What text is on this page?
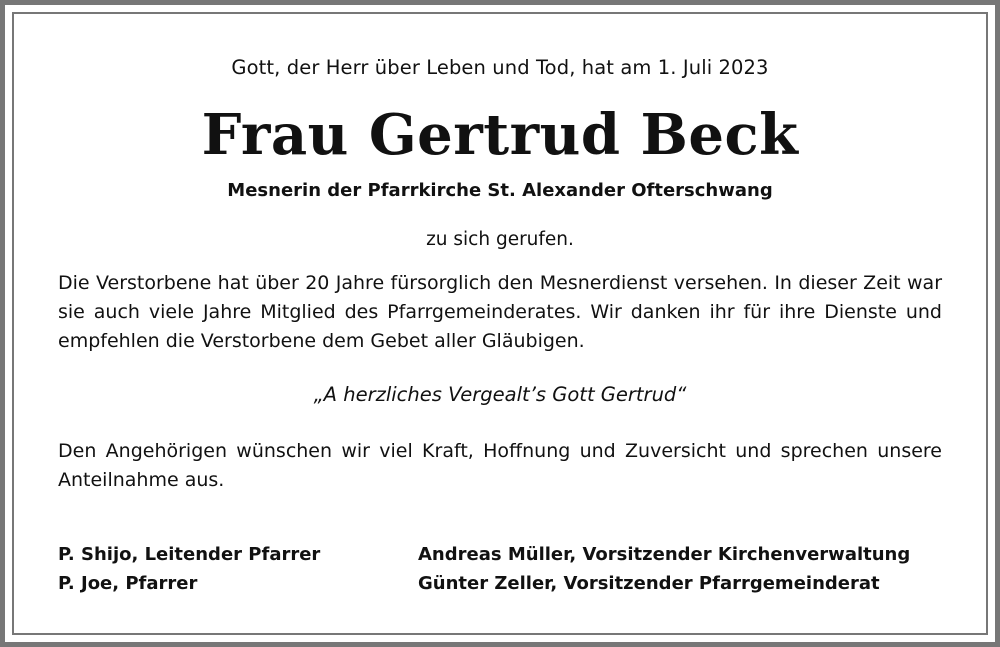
Gott, der Herr über Leben und Tod, hat am 1. Juli 2023
Frau Gertrud Beck
Mesnerin der Pfarrkirche St. Alexander Ofterschwang
zu sich gerufen.
Die Verstorbene hat über 20 Jahre fürsorglich den Mesnerdienst versehen. In dieser Zeit war sie auch viele Jahre Mitglied des Pfarrgemeinderates. Wir danken ihr für ihre Dienste und empfehlen die Verstorbene dem Gebet aller Gläubigen.
„A herzliches Vergealt’s Gott Gertrud“
Den Angehörigen wünschen wir viel Kraft, Hoffnung und Zuversicht und sprechen unsere Anteilnahme aus.
P. Shijo, Leitender Pfarrer
P. Joe, Pfarrer
Andreas Müller, Vorsitzender Kirchenverwaltung
Günter Zeller, Vorsitzender Pfarrgemeinderat
